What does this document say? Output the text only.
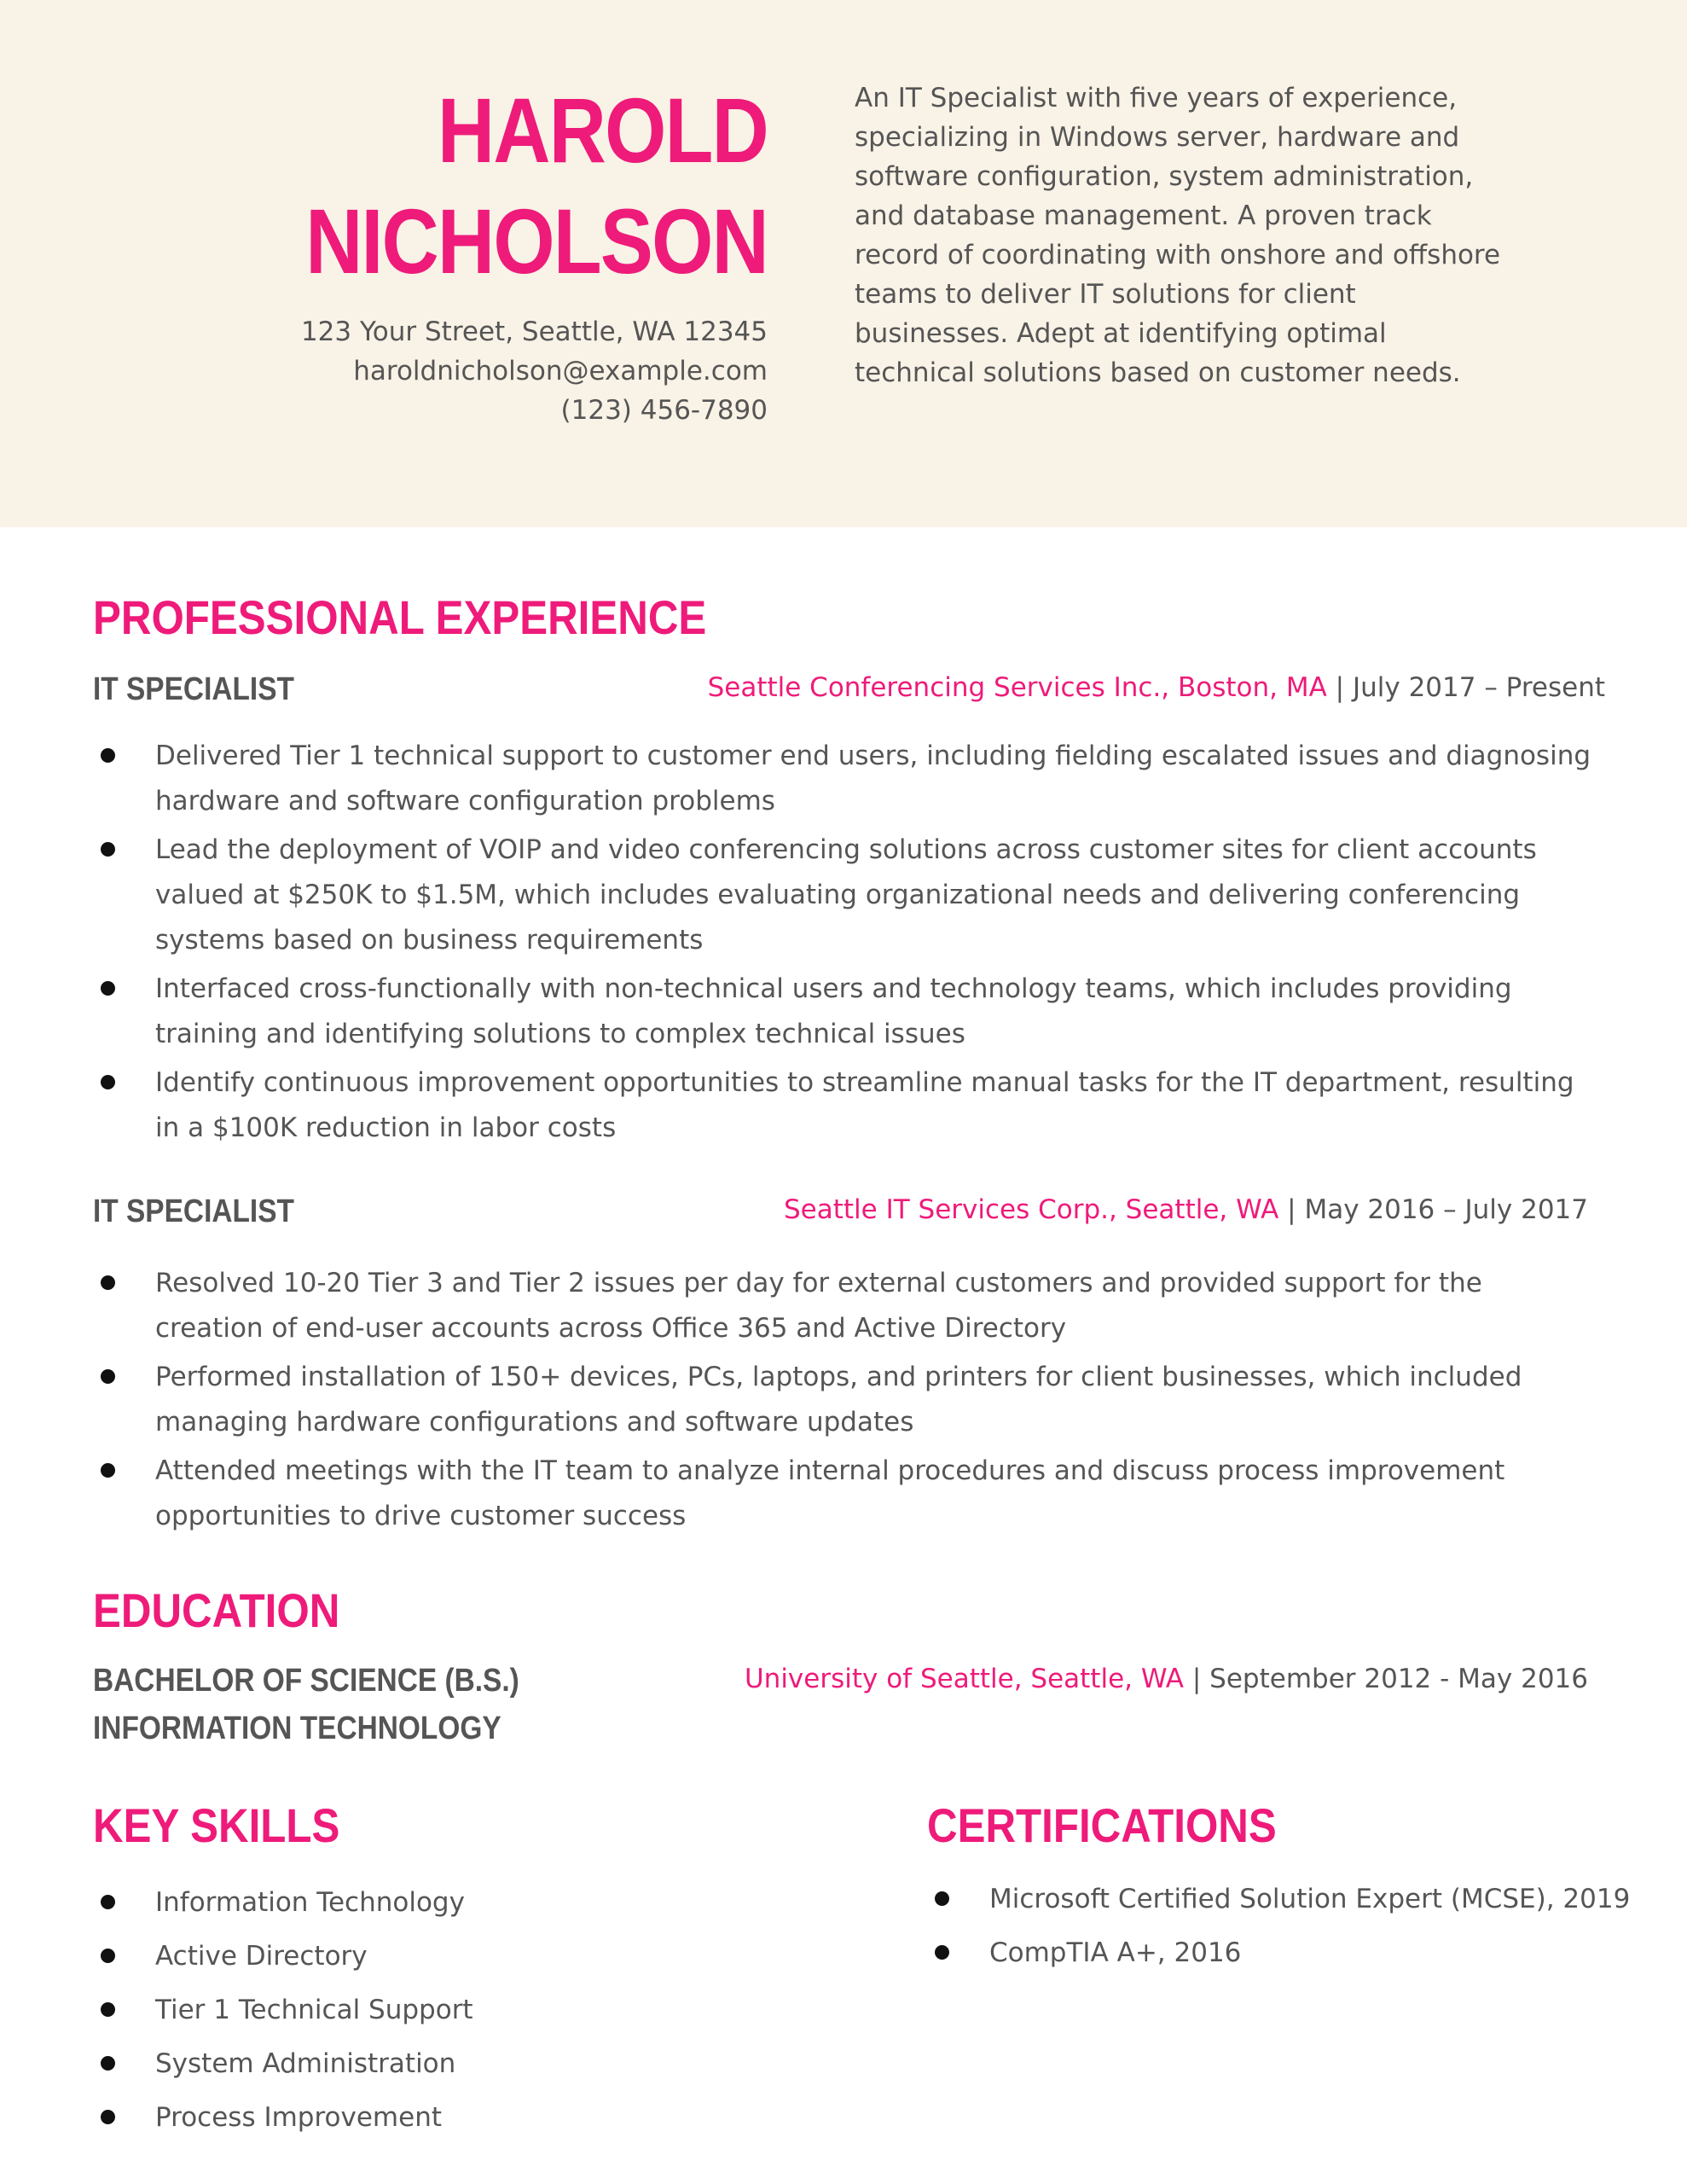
HAROLD
NICHOLSON
123 Your Street, Seattle, WA 12345
haroldnicholson@example.com
(123) 456-7890
An IT Specialist with five years of experience, specializing in Windows server, hardware and software configuration, system administration, and database management. A proven track record of coordinating with onshore and offshore teams to deliver IT solutions for client businesses. Adept at identifying optimal technical solutions based on customer needs.
PROFESSIONAL EXPERIENCE
IT SPECIALIST	Seattle Conferencing Services Inc., Boston, MA | July 2017 – Present
Delivered Tier 1 technical support to customer end users, including fielding escalated issues and diagnosing hardware and software configuration problems
Lead the deployment of VOIP and video conferencing solutions across customer sites for client accounts valued at $250K to $1.5M, which includes evaluating organizational needs and delivering conferencing systems based on business requirements
Interfaced cross-functionally with non-technical users and technology teams, which includes providing training and identifying solutions to complex technical issues
Identify continuous improvement opportunities to streamline manual tasks for the IT department, resulting in a $100K reduction in labor costs
IT SPECIALIST	Seattle IT Services Corp., Seattle, WA | May 2016 – July 2017
Resolved 10-20 Tier 3 and Tier 2 issues per day for external customers and provided support for the creation of end-user accounts across Office 365 and Active Directory
Performed installation of 150+ devices, PCs, laptops, and printers for client businesses, which included managing hardware configurations and software updates
Attended meetings with the IT team to analyze internal procedures and discuss process improvement opportunities to drive customer success
EDUCATION
BACHELOR OF SCIENCE (B.S.)
INFORMATION TECHNOLOGY
University of Seattle, Seattle, WA | September 2012 - May 2016
KEY SKILLS
Information Technology
Active Directory
Tier 1 Technical Support
System Administration
Process Improvement
CERTIFICATIONS
Microsoft Certified Solution Expert (MCSE), 2019
CompTIA A+, 2016
